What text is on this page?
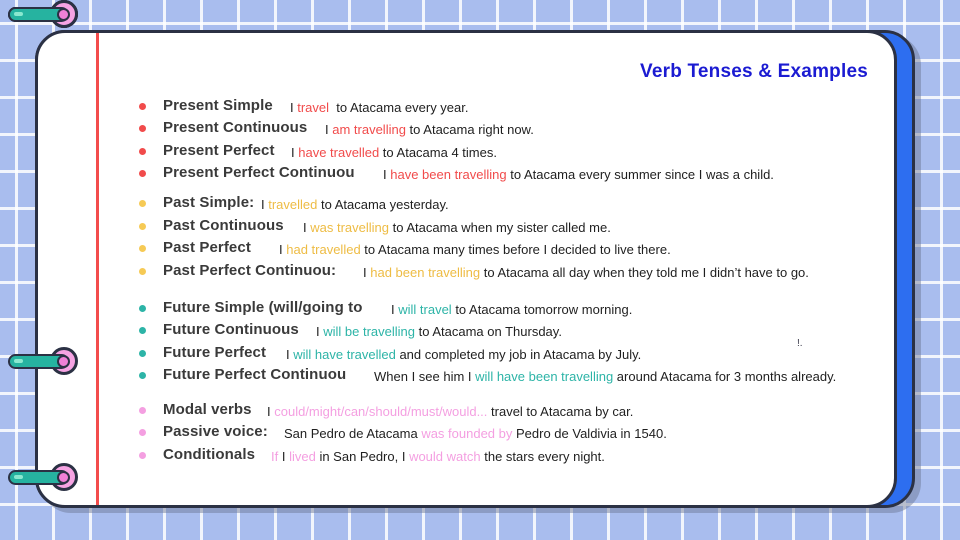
Verb Tenses & Examples
Present Simple I travel  to Atacama every year.
Present Continuous I am travelling to Atacama right now.
Present Perfect I have travelled to Atacama 4 times.
Present Perfect Continuou I have been travelling to Atacama every summer since I was a child.
Past Simple: I travelled to Atacama yesterday.
Past Continuous I was travelling to Atacama when my sister called me.
Past Perfect I had travelled to Atacama many times before I decided to live there.
Past Perfect Continuou: I had been travelling to Atacama all day when they told me I didn’t have to go.
Future Simple (will/going to I will travel to Atacama tomorrow morning.
Future Continuous I will be travelling to Atacama on Thursday.
Future Perfect I will have travelled and completed my job in Atacama by July.
Future Perfect Continuou When I see him I will have been travelling around Atacama for 3 months already.
Modal verbs I could/might/can/should/must/would... travel to Atacama by car.
Passive voice: San Pedro de Atacama was founded by Pedro de Valdivia in 1540.
Conditionals If I lived in San Pedro, I would watch the stars every night.
!.
